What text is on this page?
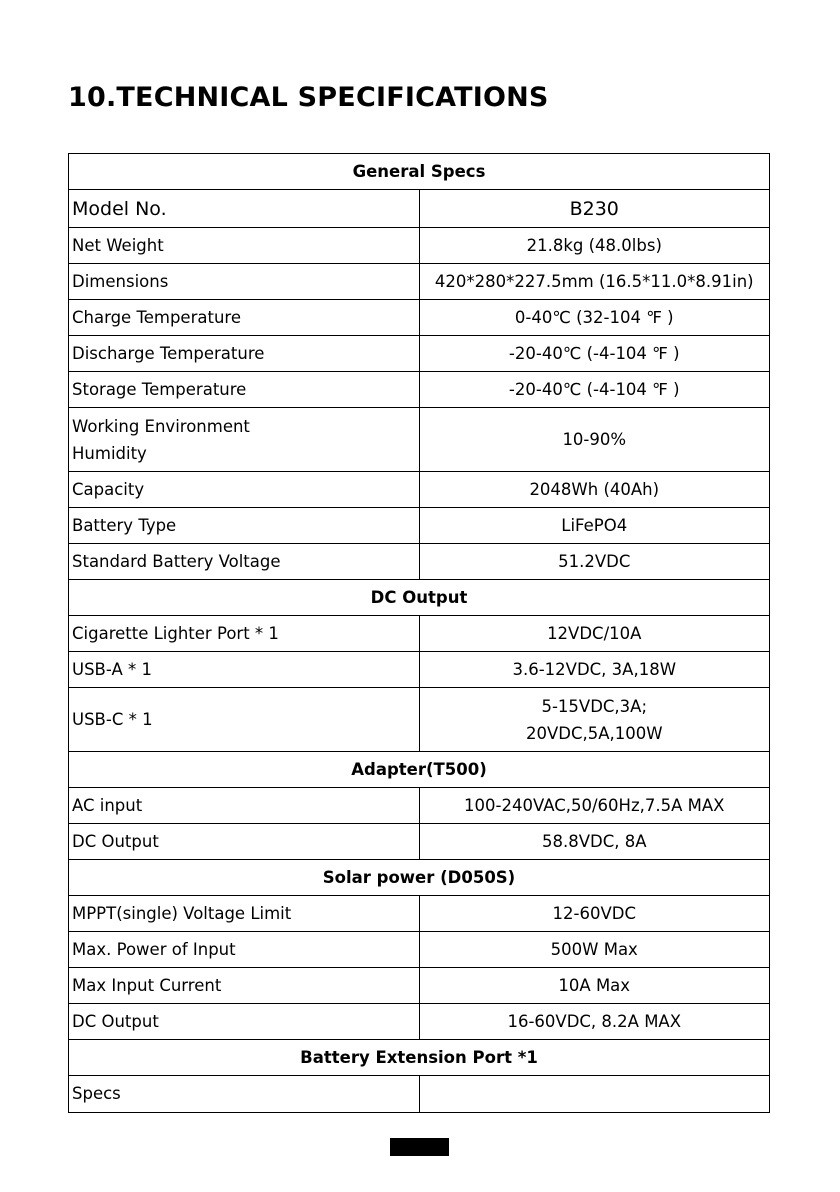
10.TECHNICAL SPECIFICATIONS
General Specs	
Model No.	B230
Net Weight	21.8kg (48.0lbs)
Dimensions	420*280*227.5mm (16.5*11.0*8.91in)
Charge Temperature	0-40℃ (32-104 ℉ )
Discharge Temperature	-20-40℃ (-4-104 ℉ )
Storage Temperature	-20-40℃ (-4-104 ℉ )

Working Environment
Humidity	10-90%
Capacity	2048Wh (40Ah)
Battery Type	LiFePO4
Standard Battery Voltage	51.2VDC
DC Output	
Cigarette Lighter Port * 1	12VDC/10A
USB-A * 1	3.6-12VDC, 3A,18W
USB-C * 1	5-15VDC,3A;
20VDC,5A,100W

Adapter(T500)	
AC input	100-240VAC,50/60Hz,7.5A MAX
DC Output	58.8VDC, 8A
Solar power (D050S)	
MPPT(single) Voltage Limit	12-60VDC
Max. Power of Input	500W Max
Max Input Current	10A Max
DC Output	16-60VDC, 8.2A MAX
Battery Extension Port *1	
Specs	
